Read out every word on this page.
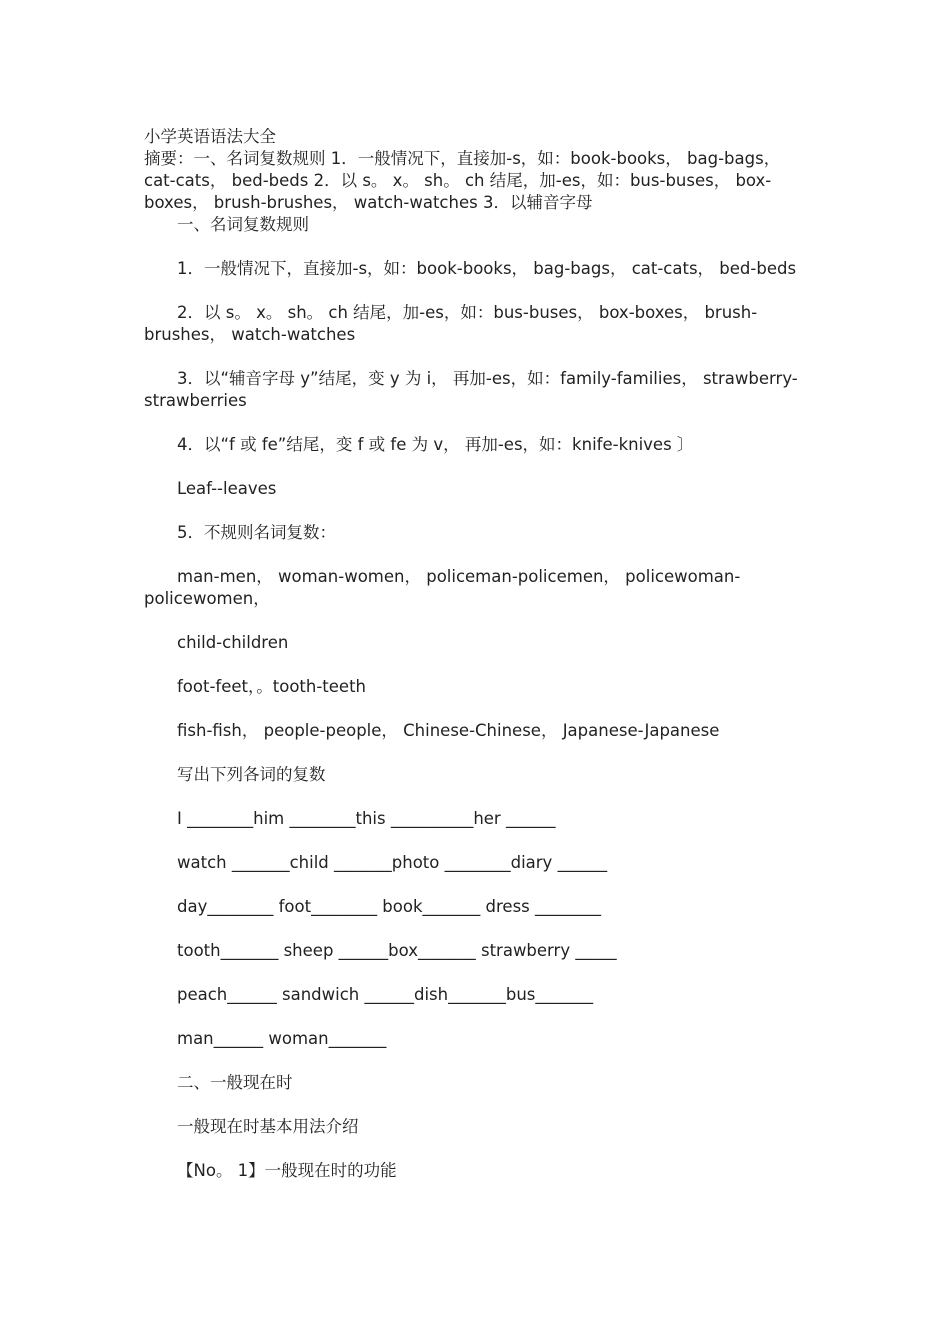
小学英语语法大全

摘要：一、名词复数规则 1．一般情况下，直接加-s，如：book-books， bag-bags，

cat-cats， bed-beds 2．以 s。 x。 sh。 ch 结尾，加-es，如：bus-buses， box-

boxes， brush-brushes， watch-watches 3．以辅音字母

一、名词复数规则

1．一般情况下，直接加-s，如：book-books， bag-bags， cat-cats， bed-beds

2．以 s。 x。 sh。 ch 结尾，加-es，如：bus-buses， box-boxes， brush-

brushes， watch-watches

3．以“辅音字母 y”结尾，变 y 为 i， 再加-es，如：family-families， strawberry-

strawberries

4．以“f 或 fe”结尾，变 f 或 fe 为 v， 再加-es，如：knife-knives 〕

Leaf--leaves

5．不规则名词复数：

man-men， woman-women， policeman-policemen， policewoman-

policewomen，

child-children

foot-feet，。tooth-teeth

fish-fish， people-people， Chinese-Chinese， Japanese-Japanese

写出下列各词的复数

I ________him ________this __________her ______

watch _______child _______photo ________diary ______

day________ foot________ book_______ dress ________

tooth_______ sheep ______box_______ strawberry _____

peach______ sandwich ______dish_______bus_______

man______ woman_______

二、一般现在时

一般现在时基本用法介绍

【No。 1】一般现在时的功能
